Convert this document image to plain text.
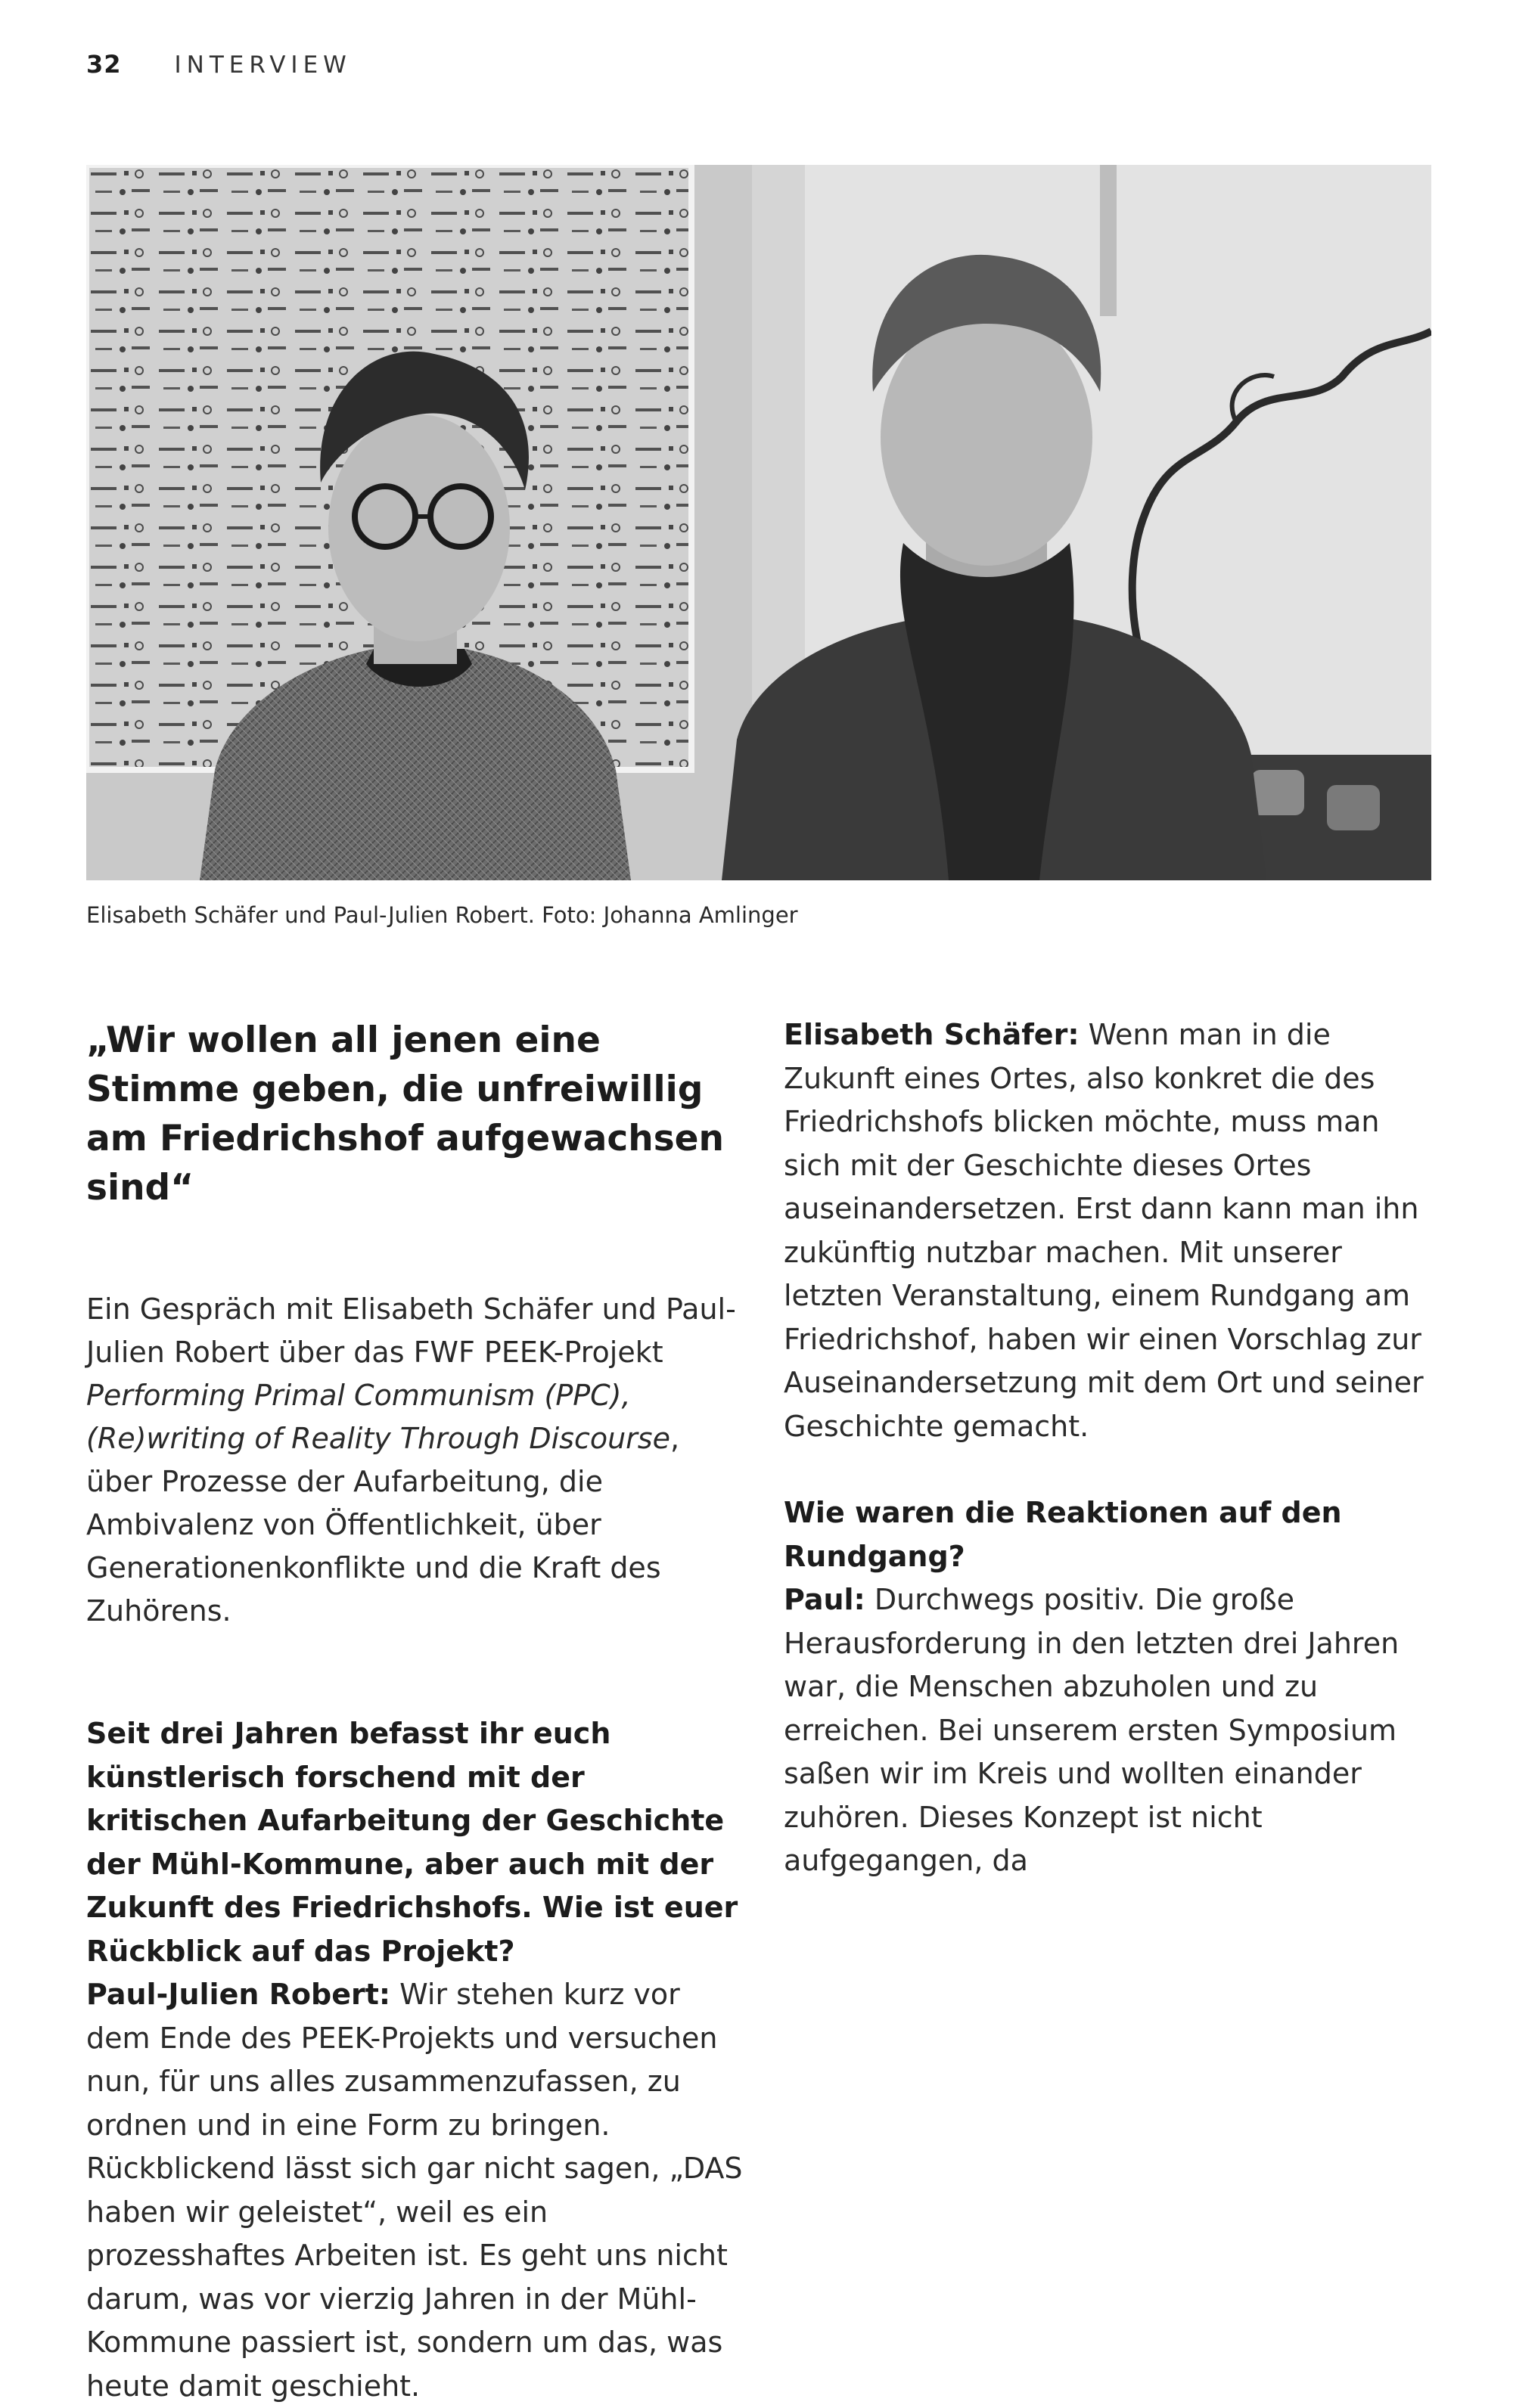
32 INTERVIEW
Elisabeth Schäfer und Paul-Julien Robert. Foto: Johanna Amlinger
„Wir wollen all jenen eine Stimme geben, die unfreiwillig am Friedrichshof aufgewachsen sind“

Ein Gespräch mit Elisabeth Schäfer und Paul-Julien Robert über das FWF PEEK-Projekt Performing Primal Communism (PPC), (Re)writing of Reality Through Discourse, über Prozesse der Aufarbeitung, die Ambivalenz von Öffentlichkeit, über Generationenkonflikte und die Kraft des Zuhörens.

Seit drei Jahren befasst ihr euch künstlerisch forschend mit der kritischen Aufarbeitung der Geschichte der Mühl-Kommune, aber auch mit der Zukunft des Friedrichshofs. Wie ist euer Rückblick auf das Projekt?

Paul-Julien Robert: Wir stehen kurz vor dem Ende des PEEK-Projekts und versuchen nun, für uns alles zusammenzufassen, zu ordnen und in eine Form zu bringen. Rückblickend lässt sich gar nicht sagen, „DAS haben wir geleistet“, weil es ein prozesshaftes Arbeiten ist. Es geht uns nicht darum, was vor vierzig Jahren in der Mühl-Kommune passiert ist, sondern um das, was heute damit geschieht.

Elisabeth Schäfer: Wenn man in die Zukunft eines Ortes, also konkret die des Friedrichshofs blicken möchte, muss man sich mit der Geschichte dieses Ortes auseinandersetzen. Erst dann kann man ihn zukünftig nutzbar machen. Mit unserer letzten Veranstaltung, einem Rundgang am Friedrichshof, haben wir einen Vorschlag zur Auseinandersetzung mit dem Ort und seiner Geschichte gemacht.

Wie waren die Reaktionen auf den Rundgang?

Paul: Durchwegs positiv. Die große Herausforderung in den letzten drei Jahren war, die Menschen abzuholen und zu erreichen. Bei unserem ersten Symposium saßen wir im Kreis und wollten einander zuhören. Dieses Konzept ist nicht aufgegangen, da
